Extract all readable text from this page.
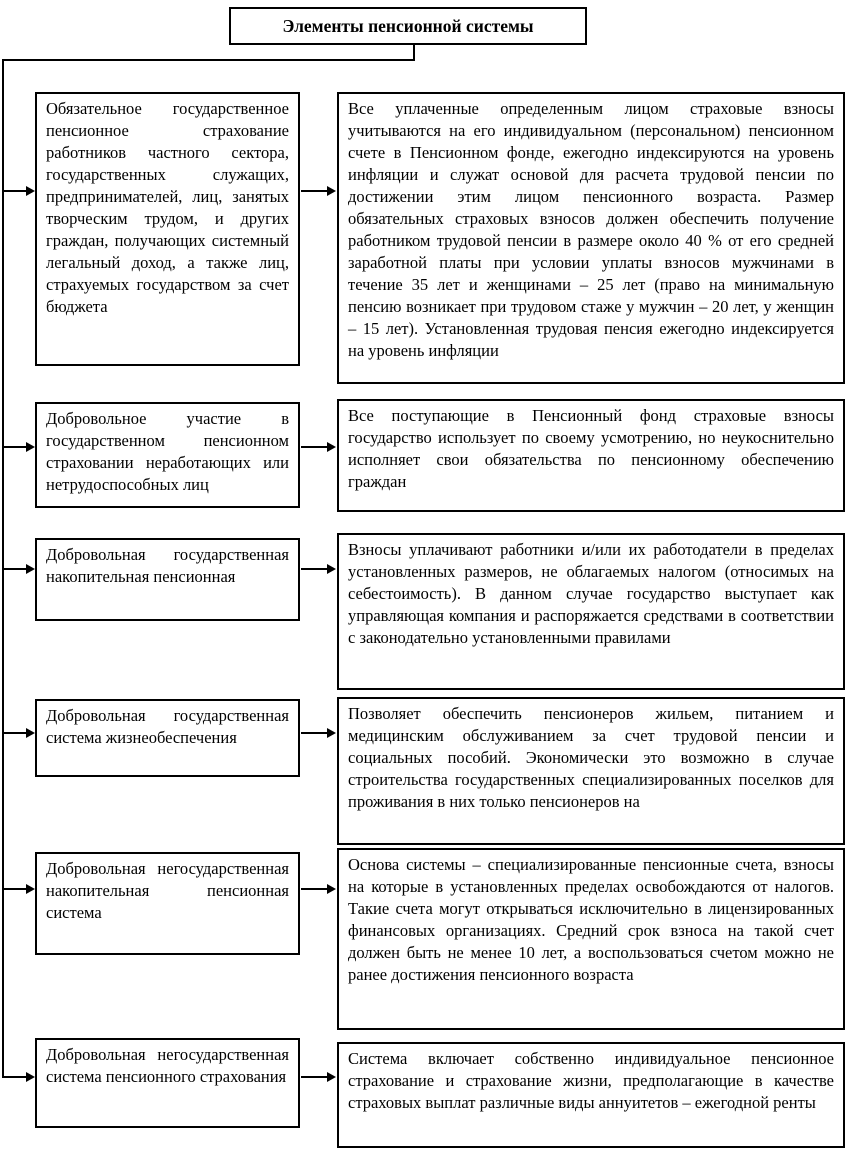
Элементы пенсионной системы
Обязательное государственное пенсионное страхование работников частного сектора, государственных служащих, предпринимателей, лиц, занятых творческим трудом, и других граждан, получающих системный легальный доход, а также лиц, страхуемых государством за счет бюджета
Все уплаченные определенным лицом страховые взносы учитываются на его индивидуальном (персональном) пенсионном счете в Пенсионном фонде, ежегодно индексируются на уровень инфляции и служат основой для расчета трудовой пенсии по достижении этим лицом пенсионного возраста. Размер обязательных страховых взносов должен обеспечить получение работником трудовой пенсии в размере около 40 % от его средней заработной платы при условии уплаты взносов мужчинами в течение 35 лет и женщинами – 25 лет (право на минимальную пенсию возникает при трудовом стаже у мужчин – 20 лет, у женщин – 15 лет). Установленная трудовая пенсия ежегодно индексируется на уровень инфляции
Добровольное участие в государственном пенсионном страховании неработающих или нетрудоспособных лиц
Все поступающие в Пенсионный фонд страховые взносы государство использует по своему усмотрению, но неукоснительно исполняет свои обязательства по пенсионному обеспечению граждан
Добровольная государственная накопительная пенсионная
Взносы уплачивают работники и/или их работодатели в пределах установленных размеров, не облагаемых налогом (относимых на себестоимость). В данном случае государство выступает как управляющая компания и распоряжается средствами в соответствии с законодательно установленными правилами
Добровольная государственная система жизнеобеспечения
Позволяет обеспечить пенсионеров жильем, питанием и медицинским обслуживанием за счет трудовой пенсии и социальных пособий. Экономически это возможно в случае строительства государственных специализированных поселков для проживания в них только пенсионеров на
Добровольная негосударственная накопительная пенсионная система
Основа системы – специализированные пенсионные счета, взносы на которые в установленных пределах освобождаются от налогов. Такие счета могут открываться исключительно в лицензированных финансовых организациях. Средний срок взноса на такой счет должен быть не менее 10 лет, а воспользоваться счетом можно не ранее достижения пенсионного возраста
Добровольная негосударственная система пенсионного страхования
Система включает собственно индивидуальное пенсионное страхование и страхование жизни, предполагающие в качестве страховых выплат различные виды аннуитетов – ежегодной ренты
